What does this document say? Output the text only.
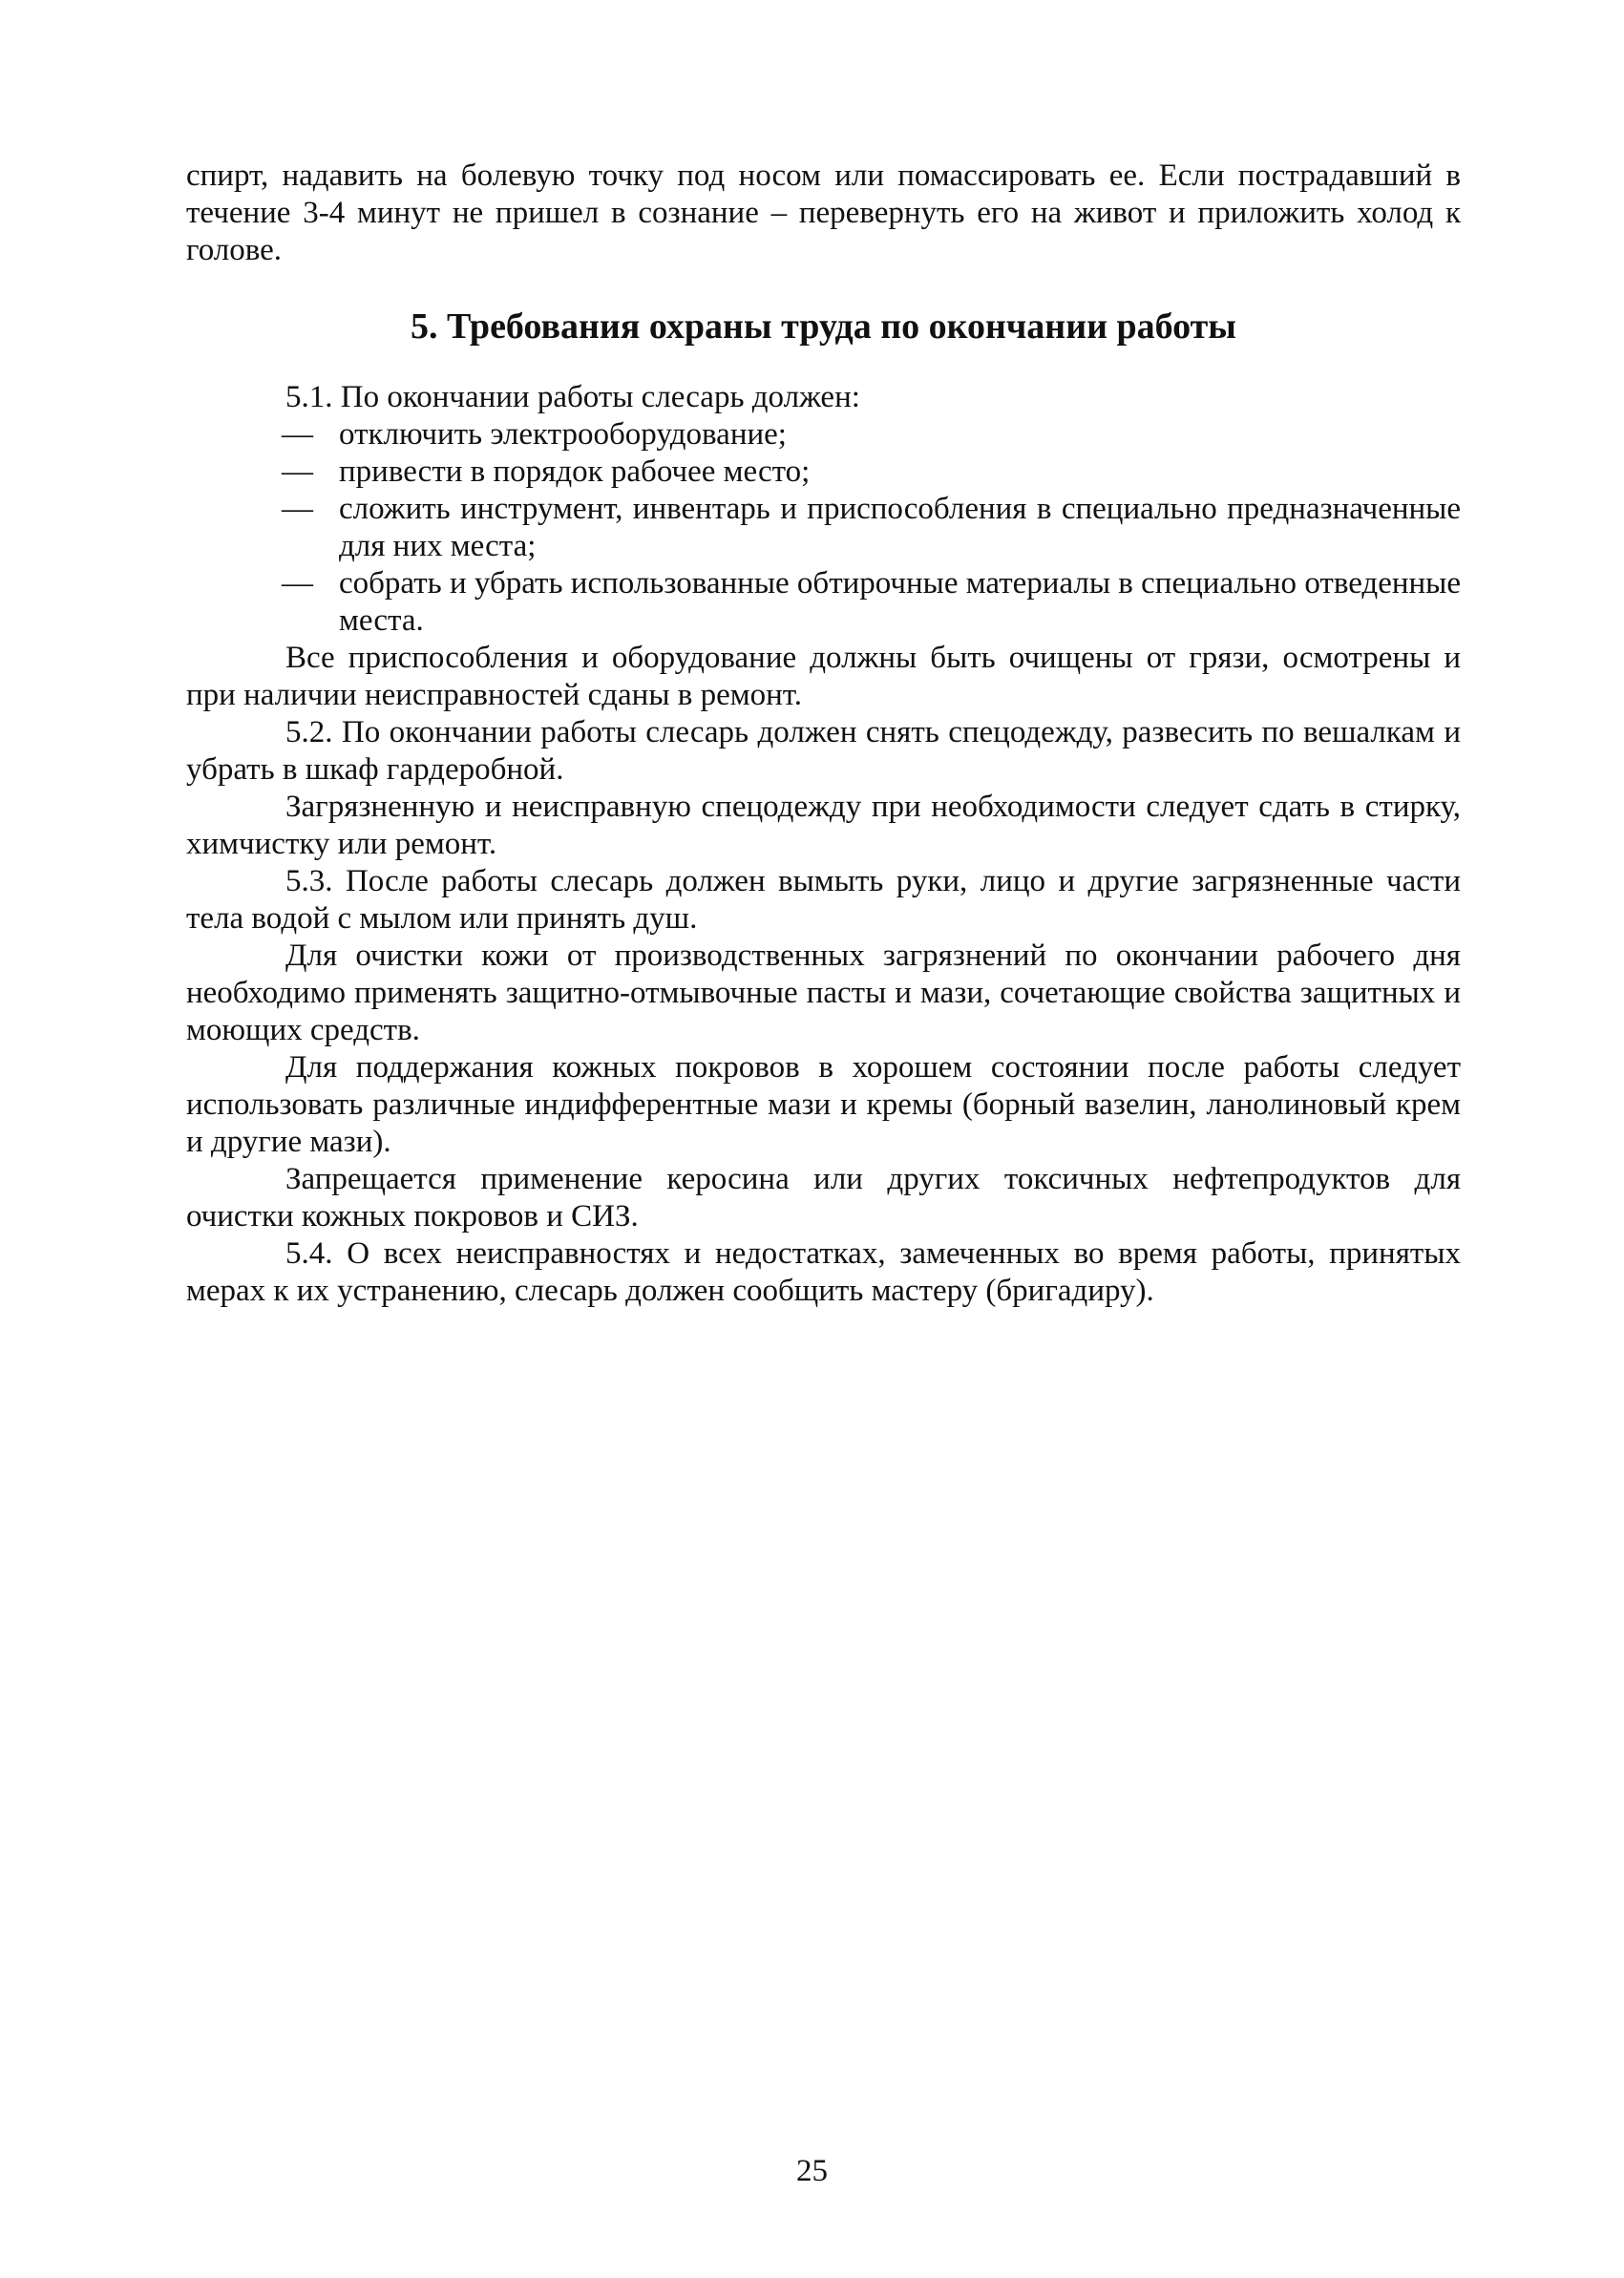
спирт, надавить на болевую точку под носом или помассировать ее. Если пострадавший в течение 3-4 минут не пришел в сознание – перевернуть его на живот и приложить холод к голове.

5. Требования охраны труда по окончании работы

5.1. По окончании работы слесарь должен:

— отключить электрооборудование;
— привести в порядок рабочее место;
— сложить инструмент, инвентарь и приспособления в специально предназначенные для них места;
— собрать и убрать использованные обтирочные материалы в специально отведенные места.

Все приспособления и оборудование должны быть очищены от грязи, осмотрены и при наличии неисправностей сданы в ремонт.

5.2. По окончании работы слесарь должен снять спецодежду, развесить по вешалкам и убрать в шкаф гардеробной.

Загрязненную и неисправную спецодежду при необходимости следует сдать в стирку, химчистку или ремонт.

5.3. После работы слесарь должен вымыть руки, лицо и другие загрязненные части тела водой с мылом или принять душ.

Для очистки кожи от производственных загрязнений по окончании рабочего дня необходимо применять защитно-отмывочные пасты и мази, сочетающие свойства защитных и моющих средств.

Для поддержания кожных покровов в хорошем состоянии после работы следует использовать различные индифферентные мази и кремы (борный вазелин, ланолиновый крем и другие мази).

Запрещается применение керосина или других токсичных нефтепродуктов для очистки кожных покровов и СИЗ.

5.4. О всех неисправностях и недостатках, замеченных во время работы, принятых мерах к их устранению, слесарь должен сообщить мастеру (бригадиру).

25
